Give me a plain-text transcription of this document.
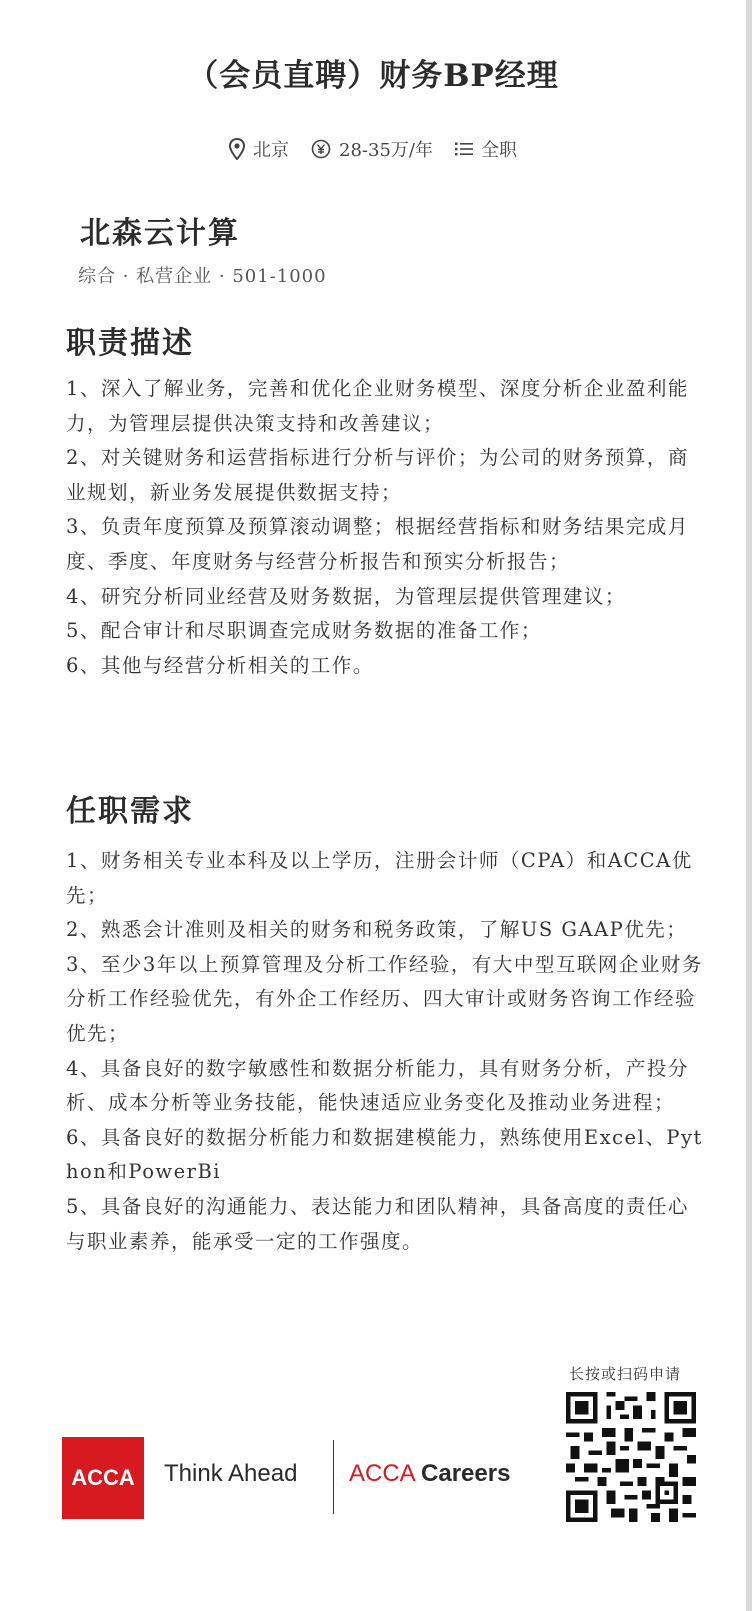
（会员直聘）财务BP经理
北京	28-35万/年	全职
北森云计算
综合 · 私营企业 · 501-1000
职责描述
1、深入了解业务，完善和优化企业财务模型、深度分析企业盈利能力，为管理层提供决策支持和改善建议；
2、对关键财务和运营指标进行分析与评价；为公司的财务预算，商业规划，新业务发展提供数据支持；
3、负责年度预算及预算滚动调整；根据经营指标和财务结果完成月度、季度、年度财务与经营分析报告和预实分析报告；
4、研究分析同业经营及财务数据，为管理层提供管理建议；
5、配合审计和尽职调查完成财务数据的准备工作；
6、其他与经营分析相关的工作。
任职需求
1、财务相关专业本科及以上学历，注册会计师（CPA）和ACCA优先；
2、熟悉会计准则及相关的财务和税务政策，了解US GAAP优先；
3、至少3年以上预算管理及分析工作经验，有大中型互联网企业财务分析工作经验优先，有外企工作经历、四大审计或财务咨询工作经验优先；
4、具备良好的数字敏感性和数据分析能力，具有财务分析，产投分析、成本分析等业务技能，能快速适应业务变化及推动业务进程；
6、具备良好的数据分析能力和数据建模能力，熟练使用Excel、Python和PowerBi
5、具备良好的沟通能力、表达能力和团队精神，具备高度的责任心与职业素养，能承受一定的工作强度。
长按或扫码申请
ACCA	Think Ahead ACCA Careers
